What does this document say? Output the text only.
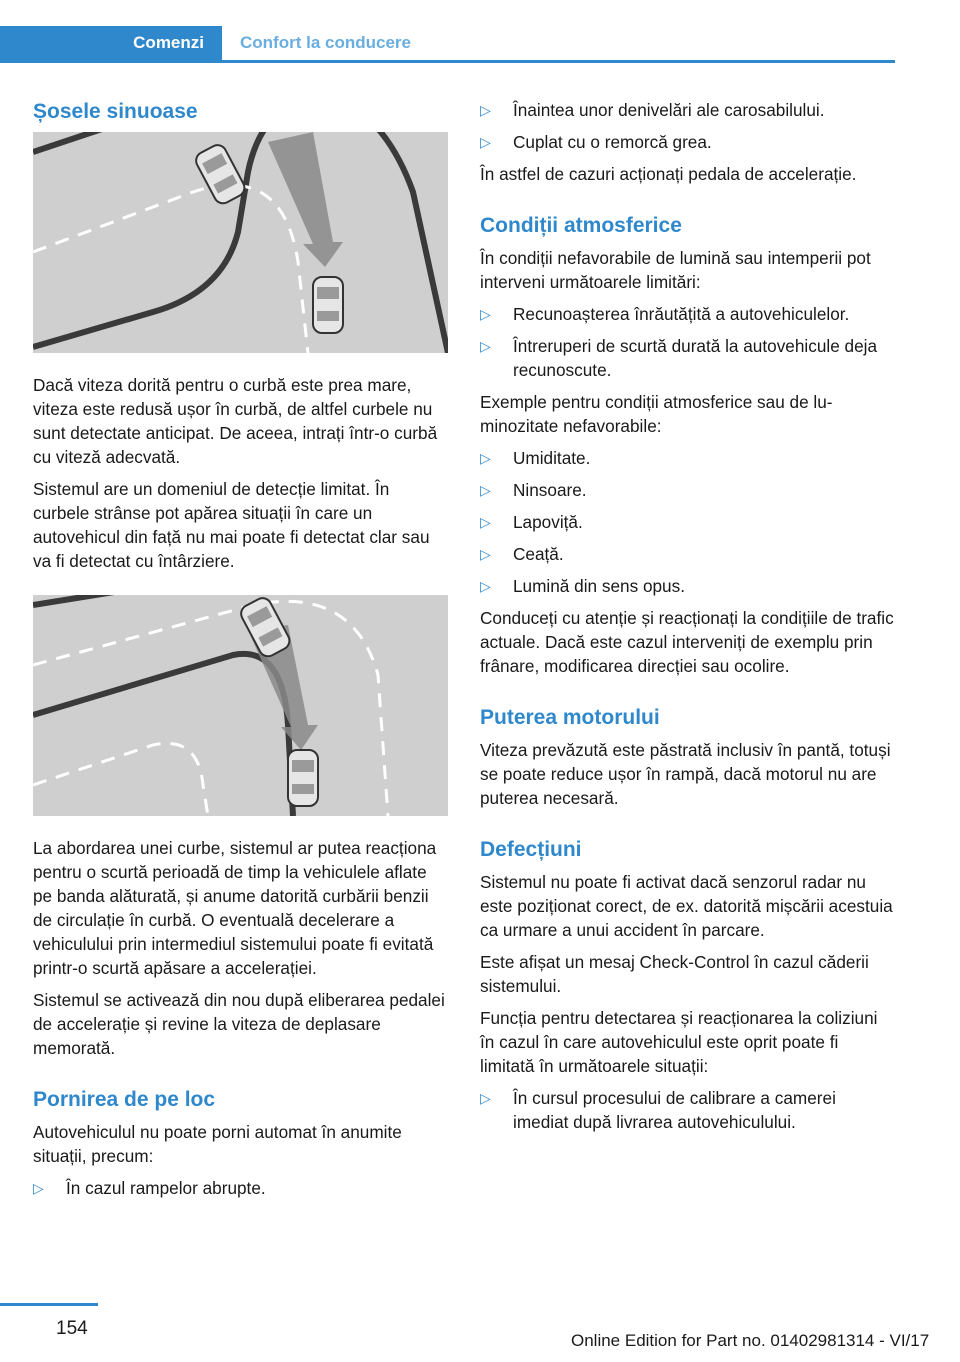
Comenzi Confort la conducere
Șosele sinuoase

Dacă viteza dorită pentru o curbă este prea mare, viteza este redusă ușor în curbă, de altfel curbele nu sunt detectate anticipat. De aceea, intrați într-o curbă cu viteză adecvată.

Sistemul are un domeniul de detecție limitat. În curbele strânse pot apărea situații în care un autovehicul din față nu mai poate fi detectat clar sau va fi detectat cu întârziere.

La abordarea unei curbe, sistemul ar putea reacționa pentru o scurtă perioadă de timp la vehiculele aflate pe banda alăturată, și anume datorită curbării benzii de circulație în curbă. O eventuală decelerare a vehiculului prin intermediul sistemului poate fi evitată printr-o scurtă apăsare a accelerației.

Sistemul se activează din nou după eliberarea pedalei de accelerație și revine la viteza de deplasare memorată.

Pornirea de pe loc

Autovehiculul nu poate porni automat în anumite situații, precum:

▷ În cazul rampelor abrupte.
▷ Înaintea unor denivelări ale carosabilului.
▷ Cuplat cu o remorcă grea.

În astfel de cazuri acționați pedala de accelerație.

Condiții atmosferice

În condiții nefavorabile de lumină sau intemperii pot interveni următoarele limitări:

▷ Recunoașterea înrăutățită a autovehiculelor.
▷ Întreruperi de scurtă durată la autovehicule deja recunoscute.

Exemple pentru condiții atmosferice sau de luminozitate nefavorabile:

▷ Umiditate.
▷ Ninsoare.
▷ Lapoviță.
▷ Ceață.
▷ Lumină din sens opus.

Conduceți cu atenție și reacționați la condițiile de trafic actuale. Dacă este cazul interveniți de exemplu prin frânare, modificarea direcției sau ocolire.

Puterea motorului

Viteza prevăzută este păstrată inclusiv în pantă, totuși se poate reduce ușor în rampă, dacă motorul nu are puterea necesară.

Defecțiuni

Sistemul nu poate fi activat dacă senzorul radar nu este poziționat corect, de ex. datorită mișcării acestuia ca urmare a unui accident în parcare.

Este afișat un mesaj Check-Control în cazul căderii sistemului.

Funcția pentru detectarea și reacționarea la coliziuni în cazul în care autovehiculul este oprit poate fi limitată în următoarele situații:

▷ În cursul procesului de calibrare a camerei imediat după livrarea autovehiculului.
154
Online Edition for Part no. 01402981314 - VI/17
